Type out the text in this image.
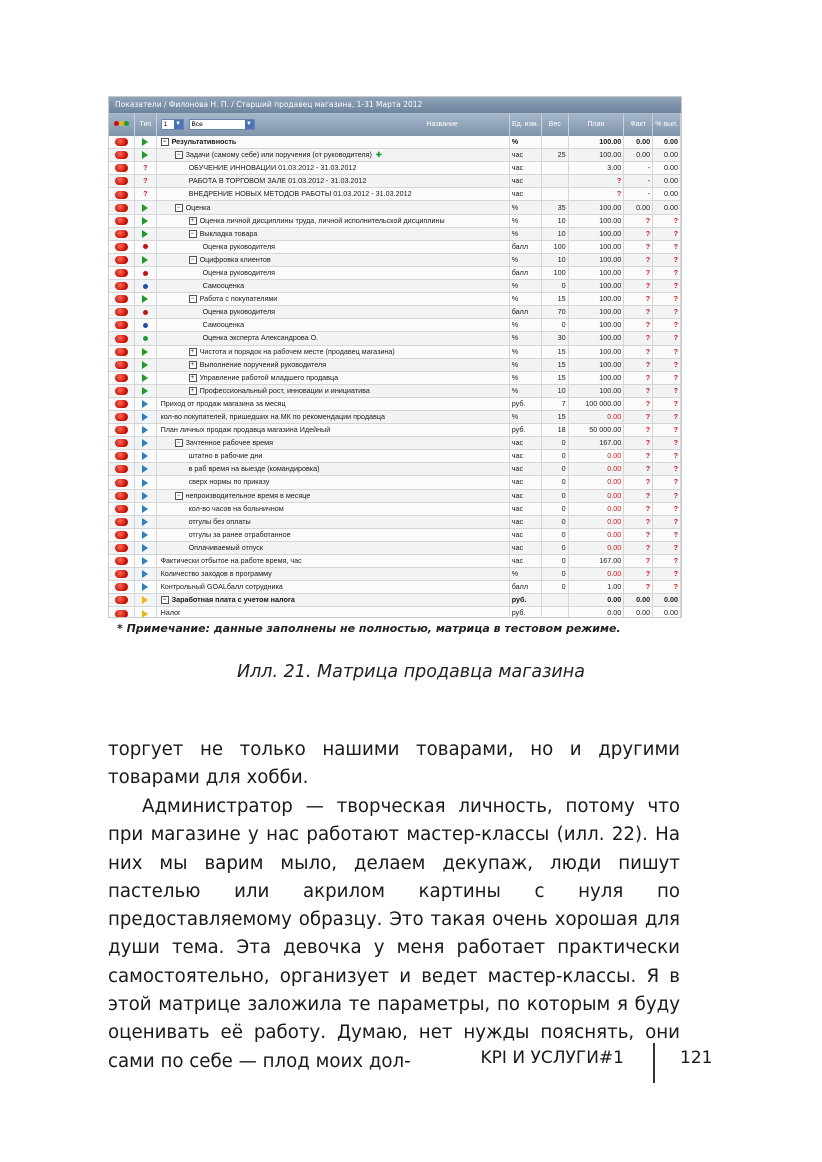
Показатели / Филонова Н. П. / Старший продавец магазина, 1-31 Марта 2012
	Тип	1 ▼ Все ▼ Название	Ед. изм.	Вес	План	Факт	% вып.
		− Результативность	%		100.00	0.00	0.00
		− Задачи (самому себе) или поручения (от руководителя) ✚	час	25	100.00	0.00	0.00
	?	ОБУЧЕНИЕ ИННОВАЦИИ 01.03.2012 - 31.03.2012	час		3.00	-	0.00
	?	РАБОТА В ТОРГОВОМ ЗАЛЕ 01.03.2012 - 31.03.2012	час		?	-	0.00
	?	ВНЕДРЕНИЕ НОВЫХ МЕТОДОВ РАБОТЫ 01.03.2012 - 31.03.2012	час		?	-	0.00
		− Оценка	%	35	100.00	0.00	0.00
		+ Оценка личной дисциплины труда, личной исполнительской дисциплины	%	10	100.00	?	?
		− Выкладка товара	%	10	100.00	?	?
		Оценка руководителя	балл	100	100.00	?	?
		− Оцифровка клиентов	%	10	100.00	?	?
		Оценка руководителя	балл	100	100.00	?	?
		Самооценка	%	0	100.00	?	?
		− Работа с покупателями	%	15	100.00	?	?
		Оценка руководителя	балл	70	100.00	?	?
		Самооценка	%	0	100.00	?	?
		Оценка эксперта Александрова О.	%	30	100.00	?	?
		+ Чистота и порядок на рабочем месте (продавец магазина)	%	15	100.00	?	?
		+ Выполнение поручений руководителя	%	15	100.00	?	?
		+ Управление работой младшего продавца	%	15	100.00	?	?
		+ Профессиональный рост, инновации и инициатива	%	10	100.00	?	?
		Приход от продаж магазина за месяц	руб.	7	100 000.00	?	?
		кол-во покупателей, пришедших на МК по рекомендации продавца	%	15	0.00	?	?
		План личных продаж продавца магазина Идейный	руб.	18	50 000.00	?	?
		− Зачтенное рабочее время	час	0	167.00	?	?
		штатно в рабочие дни	час	0	0.00	?	?
		в раб время на выезде (командировка)	час	0	0.00	?	?
		сверх нормы по приказу	час	0	0.00	?	?
		− непроизводительное время в месяце	час	0	0.00	?	?
		кол-во часов на больничном	час	0	0.00	?	?
		отгулы без оплаты	час	0	0.00	?	?
		отгулы за ранее отработанное	час	0	0.00	?	?
		Оплачиваемый отпуск	час	0	0.00	?	?
		Фактически отбытое на работе время, час	час	0	167.00	?	?
		Количество заходов в программу	%	0	0.00	?	?
		Контрольный GOALбалл сотрудника	балл	0	1.00	?	?
		− Заработная плата с учетом налога	руб.		0.00	0.00	0.00
		Налог	руб.		0.00	0.00	0.00
* Примечание: данные заполнены не полностью, матрица в тестовом режиме.
Илл. 21. Матрица продавца магазина
торгует не только нашими товарами, но и другими товарами для хобби.
Администратор — творческая личность, потому что при магазине у нас работают мастер-классы (илл. 22). На них мы варим мыло, делаем декупаж, люди пишут пастелью или акрилом картины с нуля по предоставляемому образцу. Это такая очень хорошая для души тема. Эта девочка у меня работает практически самостоятельно, организует и ведет мастер-классы. Я в этой матрице заложила те параметры, по которым я буду оценивать её работу. Думаю, нет нужды пояснять, они сами по себе — плод моих дол-	KPI И УСЛУГИ#1	121
